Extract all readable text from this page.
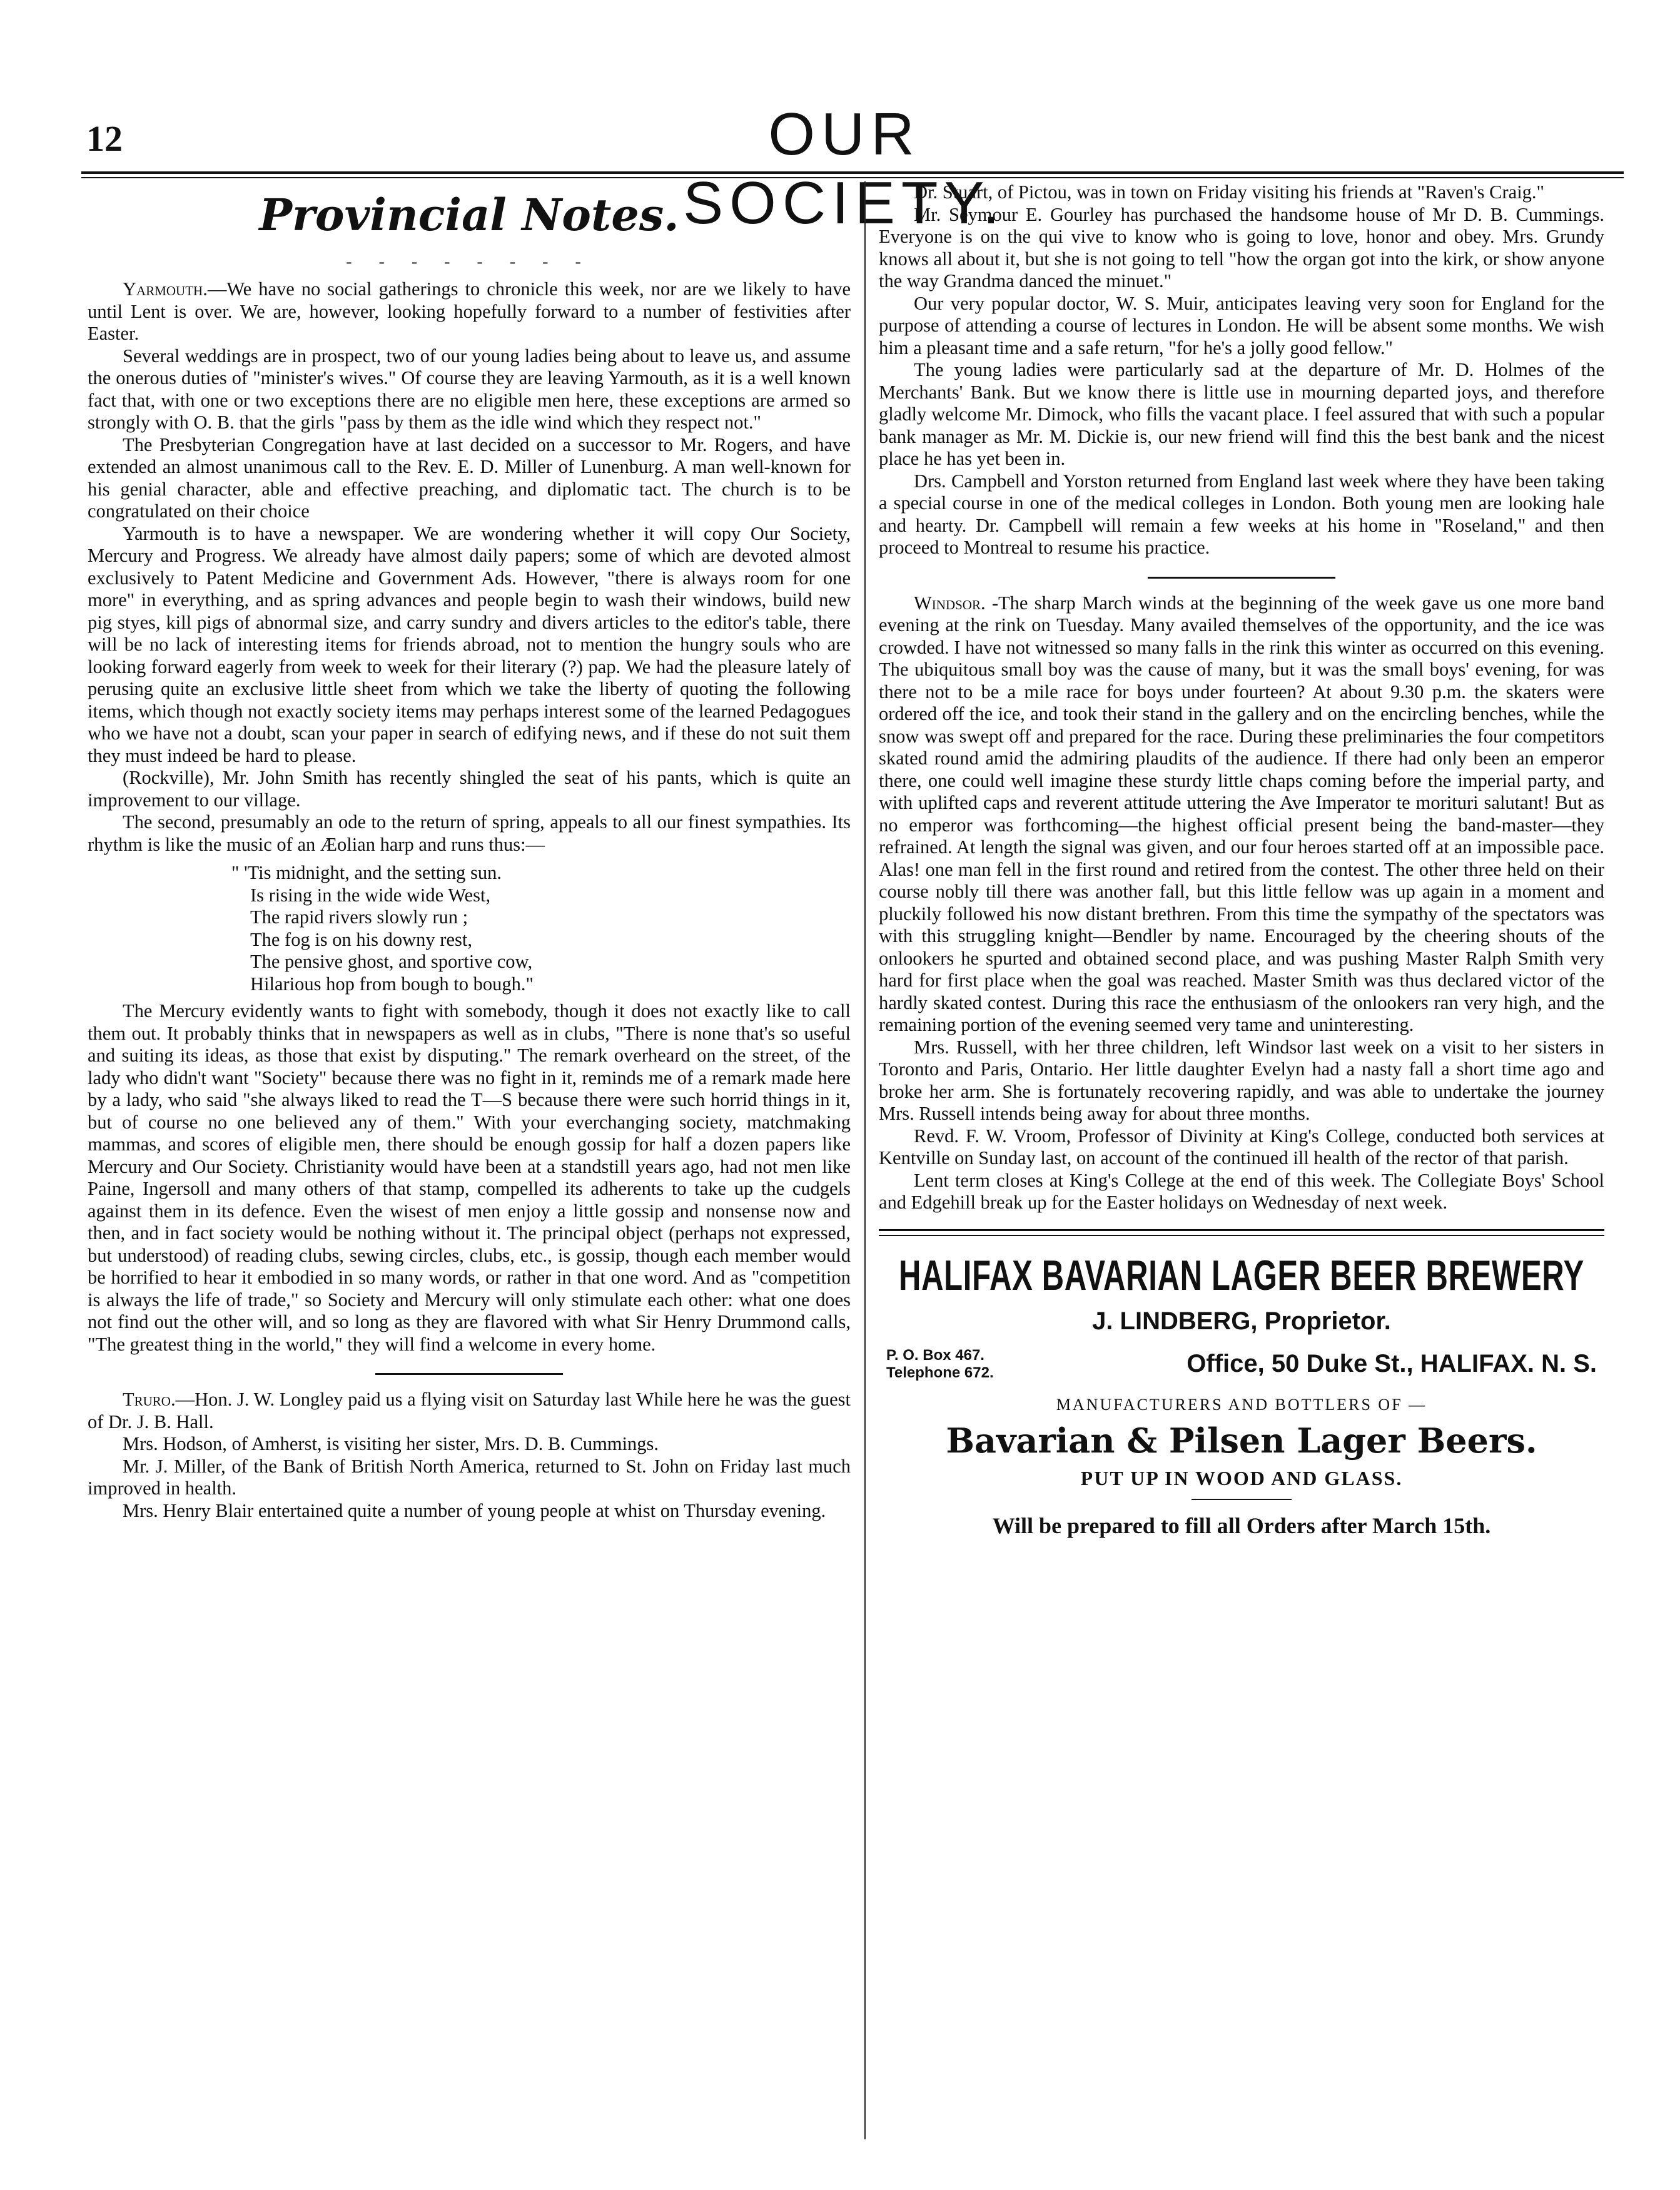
12	OUR SOCIETY.
Provincial Notes.
- - - - - - - -

Yarmouth.—We have no social gatherings to chronicle this week, nor are we likely to have until Lent is over. We are, however, looking hopefully forward to a number of festivities after Easter.

Several weddings are in prospect, two of our young ladies being about to leave us, and assume the onerous duties of "minister's wives." Of course they are leaving Yarmouth, as it is a well known fact that, with one or two exceptions there are no eligible men here, these exceptions are armed so strongly with O. B. that the girls "pass by them as the idle wind which they respect not."

The Presbyterian Congregation have at last decided on a successor to Mr. Rogers, and have extended an almost unanimous call to the Rev. E. D. Miller of Lunenburg. A man well-known for his genial character, able and effective preaching, and diplomatic tact. The church is to be congratulated on their choice

Yarmouth is to have a newspaper. We are wondering whether it will copy Our Society, Mercury and Progress. We already have almost daily papers; some of which are devoted almost exclusively to Patent Medicine and Government Ads. However, "there is always room for one more" in everything, and as spring advances and people begin to wash their windows, build new pig styes, kill pigs of abnormal size, and carry sundry and divers articles to the editor's table, there will be no lack of interesting items for friends abroad, not to mention the hungry souls who are looking forward eagerly from week to week for their literary (?) pap. We had the pleasure lately of perusing quite an exclusive little sheet from which we take the liberty of quoting the following items, which though not exactly society items may perhaps interest some of the learned Pedagogues who we have not a doubt, scan your paper in search of edifying news, and if these do not suit them they must indeed be hard to please.

(Rockville), Mr. John Smith has recently shingled the seat of his pants, which is quite an improvement to our village.

The second, presumably an ode to the return of spring, appeals to all our finest sympathies. Its rhythm is like the music of an Æolian harp and runs thus:—

" 'Tis midnight, and the setting sun.
Is rising in the wide wide West,
The rapid rivers slowly run ;
The fog is on his downy rest,
The pensive ghost, and sportive cow,
Hilarious hop from bough to bough."

The Mercury evidently wants to fight with somebody, though it does not exactly like to call them out. It probably thinks that in newspapers as well as in clubs, "There is none that's so useful and suiting its ideas, as those that exist by disputing." The remark overheard on the street, of the lady who didn't want "Society" because there was no fight in it, reminds me of a remark made here by a lady, who said "she always liked to read the T—S because there were such horrid things in it, but of course no one believed any of them." With your everchanging society, matchmaking mammas, and scores of eligible men, there should be enough gossip for half a dozen papers like Mercury and Our Society. Christianity would have been at a standstill years ago, had not men like Paine, Ingersoll and many others of that stamp, compelled its adherents to take up the cudgels against them in its defence. Even the wisest of men enjoy a little gossip and nonsense now and then, and in fact society would be nothing without it. The principal object (perhaps not expressed, but understood) of reading clubs, sewing circles, clubs, etc., is gossip, though each member would be horrified to hear it embodied in so many words, or rather in that one word. And as "competition is always the life of trade," so Society and Mercury will only stimulate each other: what one does not find out the other will, and so long as they are flavored with what Sir Henry Drummond calls, "The greatest thing in the world," they will find a welcome in every home.

Truro.—Hon. J. W. Longley paid us a flying visit on Saturday last While here he was the guest of Dr. J. B. Hall.

Mrs. Hodson, of Amherst, is visiting her sister, Mrs. D. B. Cummings.

Mr. J. Miller, of the Bank of British North America, returned to St. John on Friday last much improved in health.

Mrs. Henry Blair entertained quite a number of young people at whist on Thursday evening.

Dr. Stuart, of Pictou, was in town on Friday visiting his friends at "Raven's Craig."

Mr. Seymour E. Gourley has purchased the handsome house of Mr D. B. Cummings. Everyone is on the qui vive to know who is going to love, honor and obey. Mrs. Grundy knows all about it, but she is not going to tell "how the organ got into the kirk, or show anyone the way Grandma danced the minuet."

Our very popular doctor, W. S. Muir, anticipates leaving very soon for England for the purpose of attending a course of lectures in London. He will be absent some months. We wish him a pleasant time and a safe return, "for he's a jolly good fellow."

The young ladies were particularly sad at the departure of Mr. D. Holmes of the Merchants' Bank. But we know there is little use in mourning departed joys, and therefore gladly welcome Mr. Dimock, who fills the vacant place. I feel assured that with such a popular bank manager as Mr. M. Dickie is, our new friend will find this the best bank and the nicest place he has yet been in.

Drs. Campbell and Yorston returned from England last week where they have been taking a special course in one of the medical colleges in London. Both young men are looking hale and hearty. Dr. Campbell will remain a few weeks at his home in "Roseland," and then proceed to Montreal to resume his practice.

Windsor. -The sharp March winds at the beginning of the week gave us one more band evening at the rink on Tuesday. Many availed themselves of the opportunity, and the ice was crowded. I have not witnessed so many falls in the rink this winter as occurred on this evening. The ubiquitous small boy was the cause of many, but it was the small boys' evening, for was there not to be a mile race for boys under fourteen? At about 9.30 p.m. the skaters were ordered off the ice, and took their stand in the gallery and on the encircling benches, while the snow was swept off and prepared for the race. During these preliminaries the four competitors skated round amid the admiring plaudits of the audience. If there had only been an emperor there, one could well imagine these sturdy little chaps coming before the imperial party, and with uplifted caps and reverent attitude uttering the Ave Imperator te morituri salutant! But as no emperor was forthcoming—the highest official present being the band-master—they refrained. At length the signal was given, and our four heroes started off at an impossible pace. Alas! one man fell in the first round and retired from the contest. The other three held on their course nobly till there was another fall, but this little fellow was up again in a moment and pluckily followed his now distant brethren. From this time the sympathy of the spectators was with this struggling knight—Bendler by name. Encouraged by the cheering shouts of the onlookers he spurted and obtained second place, and was pushing Master Ralph Smith very hard for first place when the goal was reached. Master Smith was thus declared victor of the hardly skated contest. During this race the enthusiasm of the onlookers ran very high, and the remaining portion of the evening seemed very tame and uninteresting.

Mrs. Russell, with her three children, left Windsor last week on a visit to her sisters in Toronto and Paris, Ontario. Her little daughter Evelyn had a nasty fall a short time ago and broke her arm. She is fortunately recovering rapidly, and was able to undertake the journey Mrs. Russell intends being away for about three months.

Revd. F. W. Vroom, Professor of Divinity at King's College, conducted both services at Kentville on Sunday last, on account of the continued ill health of the rector of that parish.

Lent term closes at King's College at the end of this week. The Collegiate Boys' School and Edgehill break up for the Easter holidays on Wednesday of next week.

HALIFAX BAVARIAN LAGER BEER BREWERY
J. LINDBERG, Proprietor.
P. O. Box 467.
Telephone 672.	Office, 50 Duke St., HALIFAX. N. S.
MANUFACTURERS AND BOTTLERS OF —
Bavarian & Pilsen Lager Beers.
PUT UP IN WOOD AND GLASS.
Will be prepared to fill all Orders after March 15th.
